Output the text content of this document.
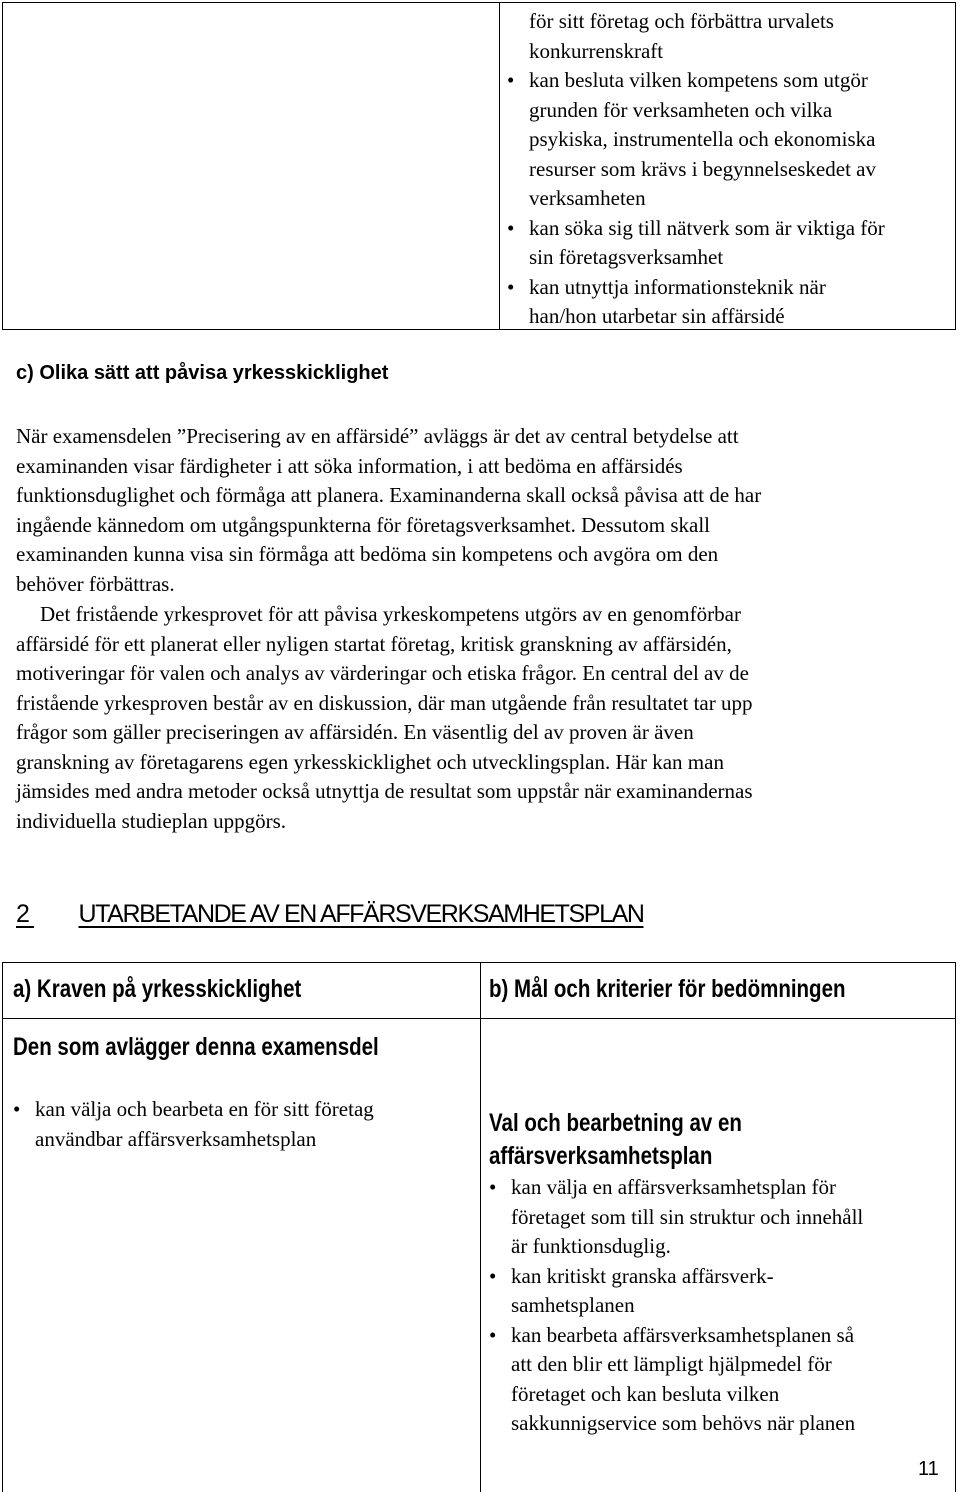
för sitt företag och förbättra urvalets
konkurrenskraft
• kan besluta vilken kompetens som utgör
grunden för verksamheten och vilka
psykiska, instrumentella och ekonomiska
resurser som krävs i begynnelseskedet av
verksamheten
• kan söka sig till nätverk som är viktiga för
sin företagsverksamhet
• kan utnyttja informationsteknik när
han/hon utarbetar sin affärsidé
c) Olika sätt att påvisa yrkesskicklighet
När examensdelen ”Precisering av en affärsidé” avläggs är det av central betydelse att
examinanden visar färdigheter i att söka information, i att bedöma en affärsidés
funktionsduglighet och förmåga att planera. Examinanderna skall också påvisa att de har
ingående kännedom om utgångspunkterna för företagsverksamhet. Dessutom skall
examinanden kunna visa sin förmåga att bedöma sin kompetens och avgöra om den
behöver förbättras.
Det fristående yrkesprovet för att påvisa yrkeskompetens utgörs av en genomförbar
affärsidé för ett planerat eller nyligen startat företag, kritisk granskning av affärsidén,
motiveringar för valen och analys av värderingar och etiska frågor. En central del av de
fristående yrkesproven består av en diskussion, där man utgående från resultatet tar upp
frågor som gäller preciseringen av affärsidén. En väsentlig del av proven är även
granskning av företagarens egen yrkesskicklighet och utvecklingsplan. Här kan man
jämsides med andra metoder också utnyttja de resultat som uppstår när examinandernas
individuella studieplan uppgörs.
2 UTARBETANDE AV EN AFFÄRSVERKSAMHETSPLAN
a) Kraven på yrkesskicklighet	b) Mål och kriterier för bedömningen
Den som avlägger denna examensdel
• kan välja och bearbeta en för sitt företag
användbar affärsverksamhetsplan
Val och bearbetning av en
affärsverksamhetsplan
• kan välja en affärsverksamhetsplan för
företaget som till sin struktur och innehåll
är funktionsduglig.
• kan kritiskt granska affärsverk-
samhetsplanen
• kan bearbeta affärsverksamhetsplanen så
att den blir ett lämpligt hjälpmedel för
företaget och kan besluta vilken
sakkunnigservice som behövs när planen
11
